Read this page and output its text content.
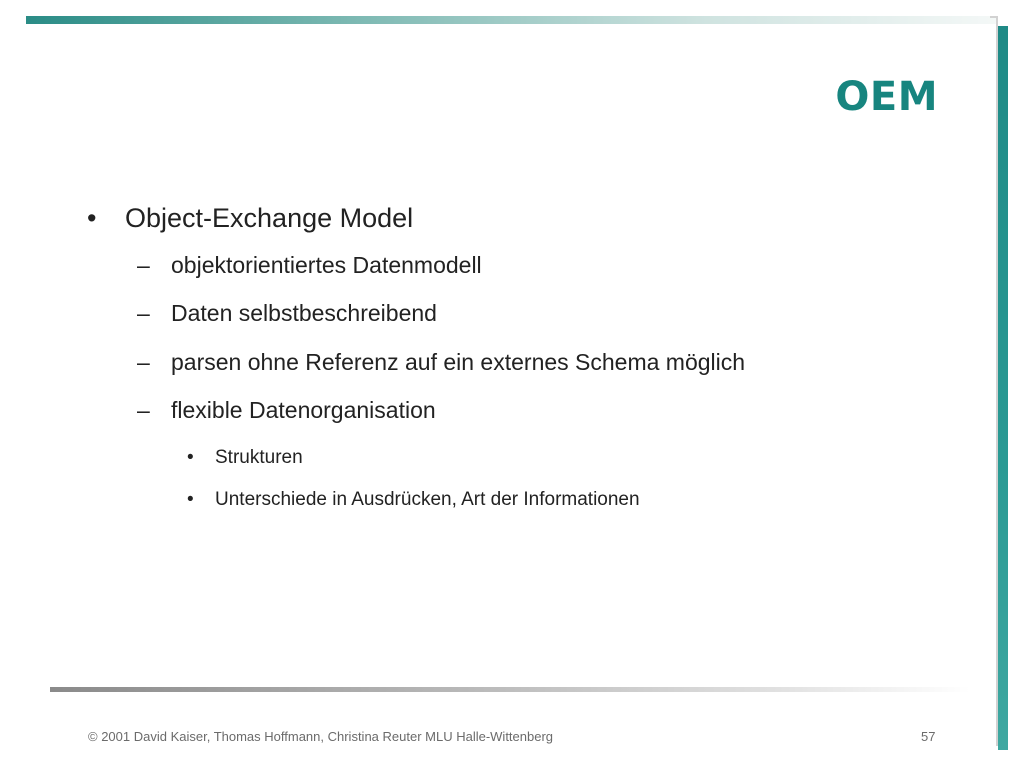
OEM
• Object-Exchange Model
– objektorientiertes Datenmodell
– Daten selbstbeschreibend
– parsen ohne Referenz auf ein externes Schema möglich
– flexible Datenorganisation
• Strukturen
• Unterschiede in Ausdrücken, Art der Informationen
© 2001 David Kaiser, Thomas Hoffmann, Christina Reuter MLU Halle-Wittenberg	57
